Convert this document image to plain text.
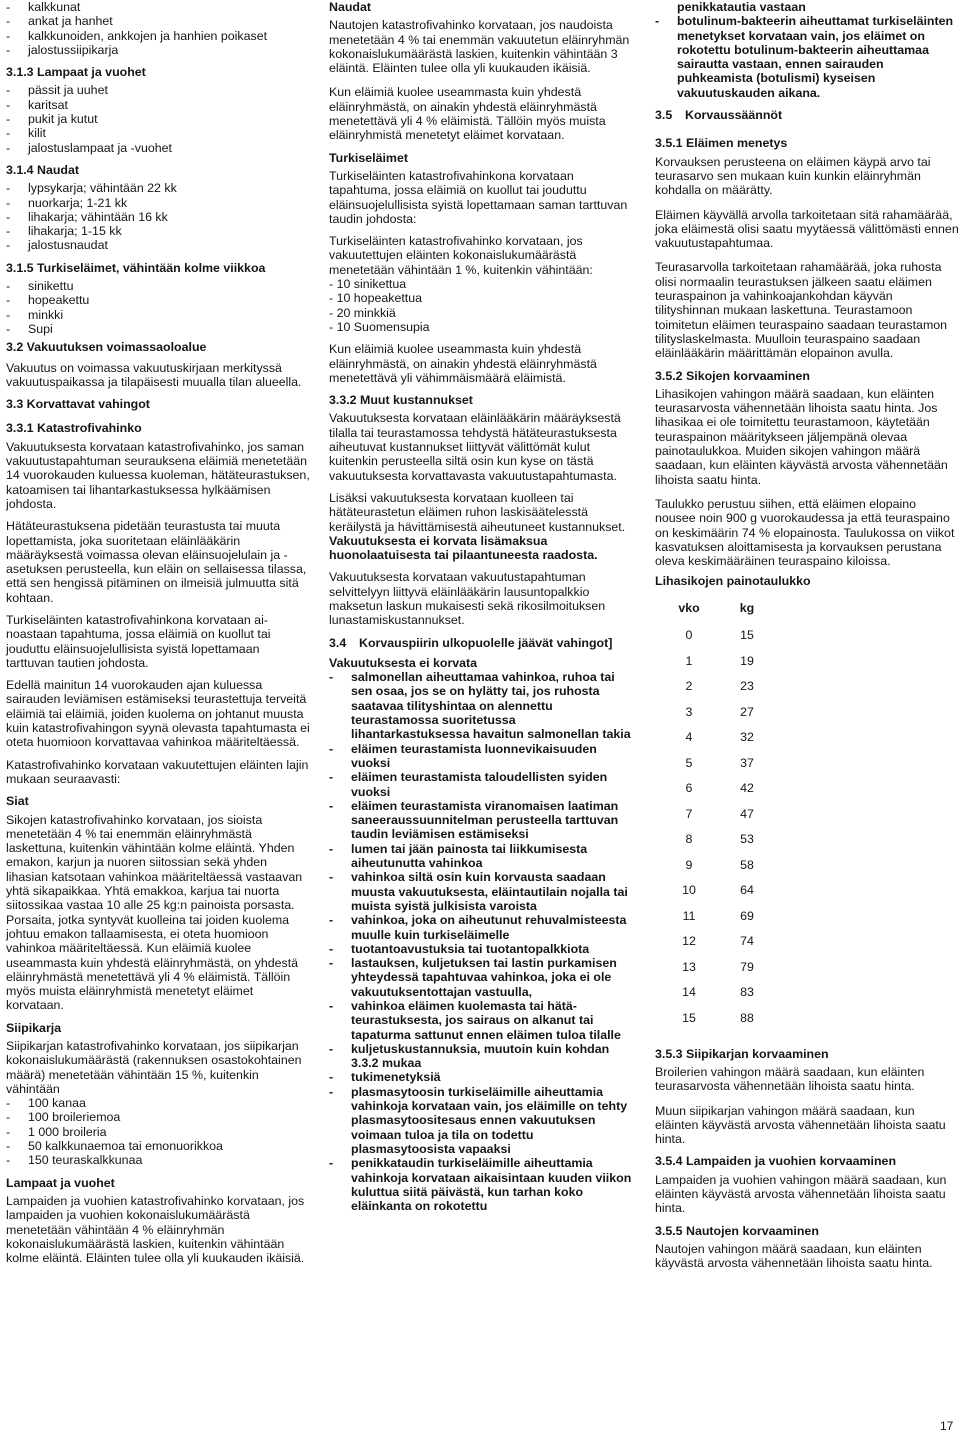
-	kalkkunat
-	ankat ja hanhet
-	kalkkunoiden, ankkojen ja hanhien poikaset
-	jalostussiipikarja

3.1.3 Lampaat ja vuohet

-	pässit ja uuhet
-	karitsat
-	pukit ja kutut
-	kilit
-	jalostuslampaat ja -vuohet

3.1.4 Naudat

-	lypsykarja; vähintään 22 kk
-	nuorkarja; 1-21 kk
-	lihakarja; vähintään 16 kk
-	lihakarja; 1-15 kk
-	jalostusnaudat

3.1.5 Turkiseläimet, vähintään kolme viikkoa

-	sinikettu
-	hopeakettu
-	minkki
-	Supi

3.2 Vakuutuksen voimassaoloalue

Vakuutus on voimassa vakuutuskirjaan merkityssä vakuutuspaikassa ja tilapäisesti muualla tilan alueella.

3.3 Korvattavat vahingot

3.3.1 Katastrofivahinko

Vakuutuksesta korvataan katastrofivahinko, jos saman vakuutustapahtuman seurauksena eläimiä menetetään 14 vuorokauden kuluessa kuoleman, hätäteurastuksen, katoamisen tai lihantarkastuksessa hylkäämisen johdosta.

Hätäteurastuksena pidetään teurastusta tai muuta lopettamista, joka suoritetaan eläinlääkärin määräyksestä voimassa olevan eläinsuojelulain ja -asetuksen perusteella, kun eläin on sellaisessa tilassa, että sen hengissä pitäminen on ilmeisiä julmuutta sitä kohtaan.

Turkiseläinten katastrofivahinkona korvataan ainoastaan tapahtuma, jossa eläimiä on kuollut tai jouduttu eläinsuojelullisista syistä lopettamaan tarttuvan tautien johdosta.

Edellä mainitun 14 vuorokauden ajan kuluessa sairauden leviämisen estämiseksi teurastettuja terveitä eläimiä tai eläimiä, joiden kuolema on johtanut muusta kuin katastrofivahingon syynä olevasta tapahtumasta ei oteta huomioon korvattavaa vahinkoa määriteltäessä.

Katastrofivahinko korvataan vakuutettujen eläinten lajin mukaan seuraavasti:

Siat

Sikojen katastrofivahinko korvataan, jos sioista menetetään 4 % tai enemmän eläinryhmästä laskettuna, kuitenkin vähintään kolme eläintä. Yhden emakon, karjun ja nuoren siitossian sekä yhden lihasian katsotaan vahinkoa määriteltäessä vastaavan yhtä sikapaikkaa. Yhtä emakkoa, karjua tai nuorta siitossikaa vastaa 10 alle 25 kg:n painoista porsasta. Porsaita, jotka syntyvät kuolleina tai joiden kuolema johtuu emakon tallaamisesta, ei oteta huomioon vahinkoa määriteltäessä. Kun eläimiä kuolee useammasta kuin yhdestä eläinryhmästä, on yhdestä eläinryhmästä menetettävä yli 4 % eläimistä. Tällöin myös muista eläinryhmistä menetetyt eläimet korvataan.

Siipikarja

Siipikarjan katastrofivahinko korvataan, jos siipikarjan kokonaislukumäärästä (rakennuksen osastokohtainen määrä) menetetään vähintään 15 %, kuitenkin vähintään

-	100 kanaa
-	100 broileriemoa
-	1 000 broileria
-	50 kalkkunaemoa tai emonuorikkoa
-	150 teuraskalkkunaa

Lampaat ja vuohet

Lampaiden ja vuohien katastrofivahinko korvataan, jos lampaiden ja vuohien kokonaislukumäärästä menetetään vähintään 4 % eläinryhmän kokonaislukumäärästä laskien, kuitenkin vähintään kolme eläintä. Eläinten tulee olla yli kuukauden ikäisiä.

Naudat

Nautojen katastrofivahinko korvataan, jos naudoista menetetään 4 % tai enemmän vakuutetun eläinryhmän kokonaislukumäärästä laskien, kuitenkin vähintään 3 eläintä. Eläinten tulee olla yli kuukauden ikäisiä.

Kun eläimiä kuolee useammasta kuin yhdestä eläinryhmästä, on ainakin yhdestä eläinryhmästä menetettävä yli 4 % eläimistä. Tällöin myös muista eläinryhmistä menetetyt eläimet korvataan.

Turkiseläimet

Turkiseläinten katastrofivahinkona korvataan tapahtuma, jossa eläimiä on kuollut tai jouduttu eläinsuojelullisista syistä lopettamaan saman tarttuvan taudin johdosta:

Turkiseläinten katastrofivahinko korvataan, jos vakuutettujen eläinten kokonaislukumäärästä menetetään vähintään 1 %, kuitenkin vähintään:

- 10 sinikettua
- 10 hopeakettua
- 20 minkkiä
- 10 Suomensupia

Kun eläimiä kuolee useammasta kuin yhdestä eläinryhmästä, on ainakin yhdestä eläinryhmästä menetettävä yli vähimmäismäärä eläimistä.

3.3.2 Muut kustannukset

Vakuutuksesta korvataan eläinlääkärin määräyksestä tilalla tai teurastamossa tehdystä hätäteurastuksesta aiheutuvat kustannukset liittyvät välittömät kulut kuitenkin perusteella siltä osin kun kyse on tästä vakuutuksesta korvattavasta vakuutustapahtumasta.

Lisäksi vakuutuksesta korvataan kuolleen tai hätäteurastetun eläimen ruhon laskisäätelesstä keräilystä ja hävittämisestä aiheutuneet kustannukset. Vakuutuksesta ei korvata lisämaksua huonolaatuisesta tai pilaantuneesta raadosta.

Vakuutuksesta korvataan vakuutustapahtuman selvittelyyn liittyvä eläinlääkärin lausuntopalkkio maksetun laskun mukaisesti sekä rikosilmoituksen lunastamiskustannukset.

3.4	Korvauspiirin ulkopuolelle jäävät vahingot]

Vakuutuksesta ei korvata

-	salmonellan aiheuttamaa vahinkoa, ruhoa tai sen osaa, jos se on hylätty tai, jos ruhosta saatavaa tilityshintaa on alennettu teurastamossa suoritetussa lihantarkastuksessa havaitun salmonellan takia
-	eläimen teurastamista luonnevikaisuuden vuoksi
-	eläimen teurastamista taloudellisten syiden vuoksi
-	eläimen teurastamista viranomaisen laatiman saneeraussuunnitelman perusteella tarttuvan taudin leviämisen estämiseksi
-	lumen tai jään painosta tai liikkumisesta aiheutunutta vahinkoa
-	vahinkoa siltä osin kuin korvausta saadaan muusta vakuutuksesta, eläintautilain nojalla tai muista syistä julkisista varoista
-	vahinkoa, joka on aiheutunut rehuvalmisteesta muulle kuin turkiseläimelle
-	tuotantoavustuksia tai tuotantopalkkiota
-	lastauksen, kuljetuksen tai lastin purkamisen yhteydessä tapahtuvaa vahinkoa, joka ei ole vakuutuksentottajan vastuulla,
-	vahinkoa eläimen kuolemasta tai hätäteurastuksesta, jos sairaus on alkanut tai tapaturma sattunut ennen eläimen tuloa tilalle
-	kuljetuskustannuksia, muutoin kuin kohdan 3.3.2 mukaa
-	tukimenetyksiä
-	plasmasytoosin turkiseläimille aiheuttamia vahinkoja korvataan vain, jos eläimille on tehty plasmasytoositesaus ennen vakuutuksen voimaan tuloa ja tila on todettu plasmasytoosista vapaaksi
-	penikkataudin turkiseläimille aiheuttamia vahinkoja korvataan aikaisintaan kuuden viikon kuluttua siitä päivästä, kun tarhan koko eläinkanta on rokotettu
penikkatautia vastaan
-	botulinum-bakteerin aiheuttamat turkiseläinten menetykset korvataan vain, jos eläimet on rokotettu botulinum-bakteerin aiheuttamaa sairautta vastaan, ennen sairauden puhkeamista (botulismi) kyseisen vakuutuskauden aikana.
3.5	Korvaussäännöt

3.5.1 Eläimen menetys

Korvauksen perusteena on eläimen käypä arvo tai teurasarvo sen mukaan kuin kunkin eläinryhmän kohdalla on määrätty.

Eläimen käyvällä arvolla tarkoitetaan sitä rahamäärää, joka eläimestä olisi saatu myytäessä välittömästi ennen vakuutustapahtumaa.

Teurasarvolla tarkoitetaan rahamäärää, joka ruhosta olisi normaalin teurastuksen jälkeen saatu eläimen teuraspainon ja vahinkoajankohdan käyvän tilityshinnan mukaan laskettuna. Teurastamoon toimitetun eläimen teuraspaino saadaan teurastamon tilityslaskelmasta. Muulloin teuraspaino saadaan eläinlääkärin määrittämän elopainon avulla.

3.5.2 Sikojen korvaaminen

Lihasikojen vahingon määrä saadaan, kun eläinten teurasarvosta vähennetään lihoista saatu hinta. Jos lihasikaa ei ole toimitettu teurastamoon, käytetään teuraspainon määritykseen jäljempänä olevaa painotaulukkoa. Muiden sikojen vahingon määrä saadaan, kun eläinten käyvästä arvosta vähennetään lihoista saatu hinta.

Taulukko perustuu siihen, että eläimen elopaino nousee noin 900 g vuorokaudessa ja että teuraspaino on keskimäärin 74 % elopainosta. Taulukossa on viikot kasvatuksen aloittamisesta ja korvauksen perustana oleva keskimääräinen teuraspaino kiloissa.

Lihasikojen painotaulukko

vko	kg
0	15
1	19
2	23
3	27
4	32
5	37
6	42
7	47
8	53
9	58
10	64
11	69
12	74
13	79
14	83
15	88

3.5.3 Siipikarjan korvaaminen

Broilerien vahingon määrä saadaan, kun eläinten teurasarvosta vähennetään lihoista saatu hinta.

Muun siipikarjan vahingon määrä saadaan, kun eläinten käyvästä arvosta vähennetään lihoista saatu hinta.

3.5.4 Lampaiden ja vuohien korvaaminen

Lampaiden ja vuohien vahingon määrä saadaan, kun eläinten käyvästä arvosta vähennetään lihoista saatu hinta.

3.5.5 Nautojen korvaaminen

Nautojen vahingon määrä saadaan, kun eläinten käyvästä arvosta vähennetään lihoista saatu hinta.

17
